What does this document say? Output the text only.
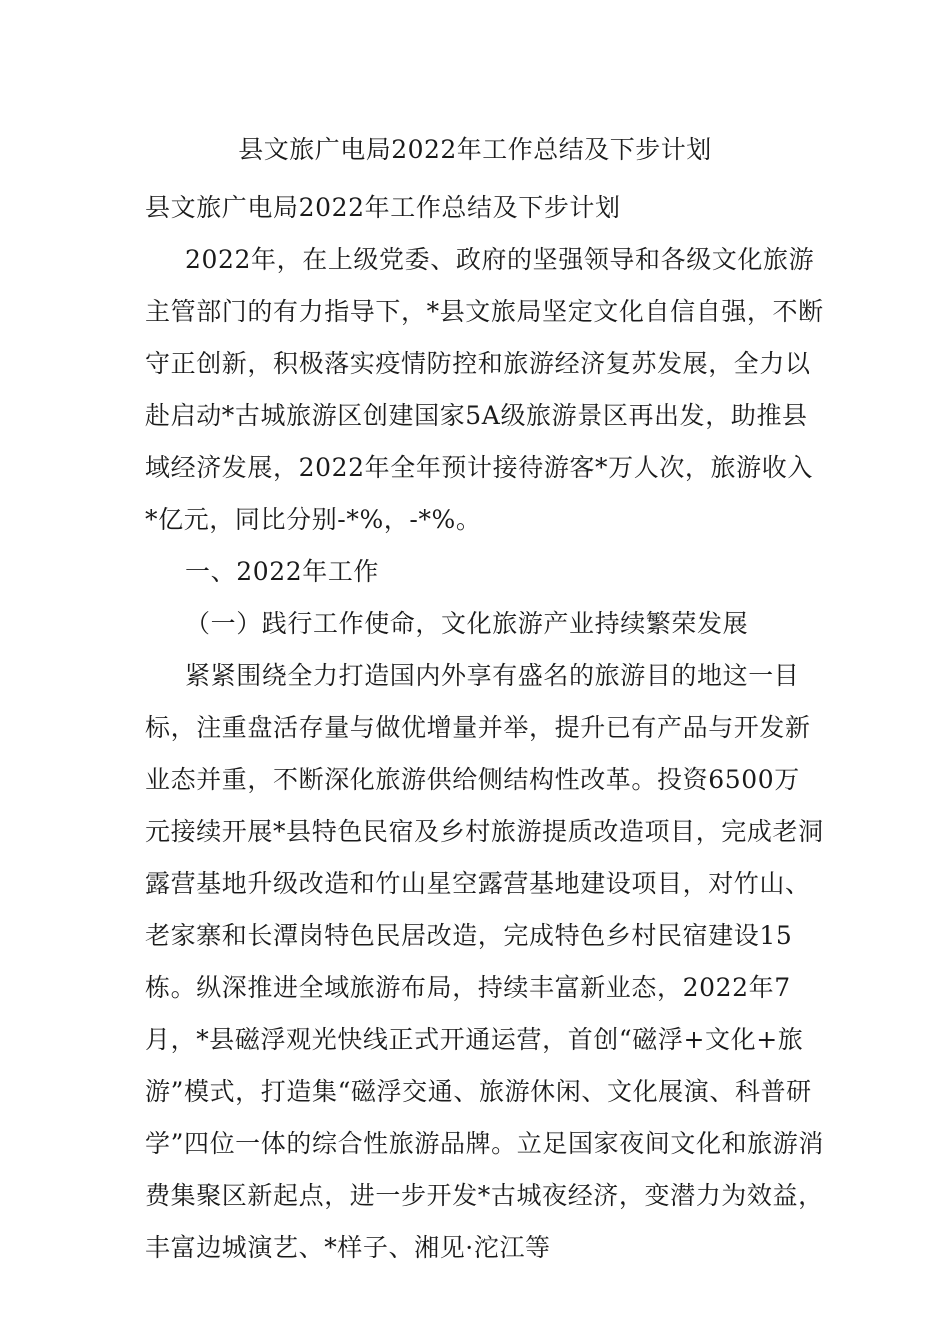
县文旅广电局2022年工作总结及下步计划

县文旅广电局2022年工作总结及下步计划

2022年，在上级党委、政府的坚强领导和各级文化旅游主管部门的有力指导下，*县文旅局坚定文化自信自强，不断守正创新，积极落实疫情防控和旅游经济复苏发展，全力以赴启动*古城旅游区创建国家5A级旅游景区再出发，助推县域经济发展，2022年全年预计接待游客*万人次，旅游收入*亿元，同比分别-*%，-*%。

一、2022年工作

（一）践行工作使命，文化旅游产业持续繁荣发展

紧紧围绕全力打造国内外享有盛名的旅游目的地这一目标，注重盘活存量与做优增量并举，提升已有产品与开发新业态并重，不断深化旅游供给侧结构性改革。投资6500万元接续开展*县特色民宿及乡村旅游提质改造项目，完成老洞露营基地升级改造和竹山星空露营基地建设项目，对竹山、老家寨和长潭岗特色民居改造，完成特色乡村民宿建设15栋。纵深推进全域旅游布局，持续丰富新业态，2022年7月，*县磁浮观光快线正式开通运营，首创“磁浮+文化+旅游”模式，打造集“磁浮交通、旅游休闲、文化展演、科普研学”四位一体的综合性旅游品牌。立足国家夜间文化和旅游消费集聚区新起点，进一步开发*古城夜经济，变潜力为效益，丰富边城演艺、*样子、湘见·沱江等
